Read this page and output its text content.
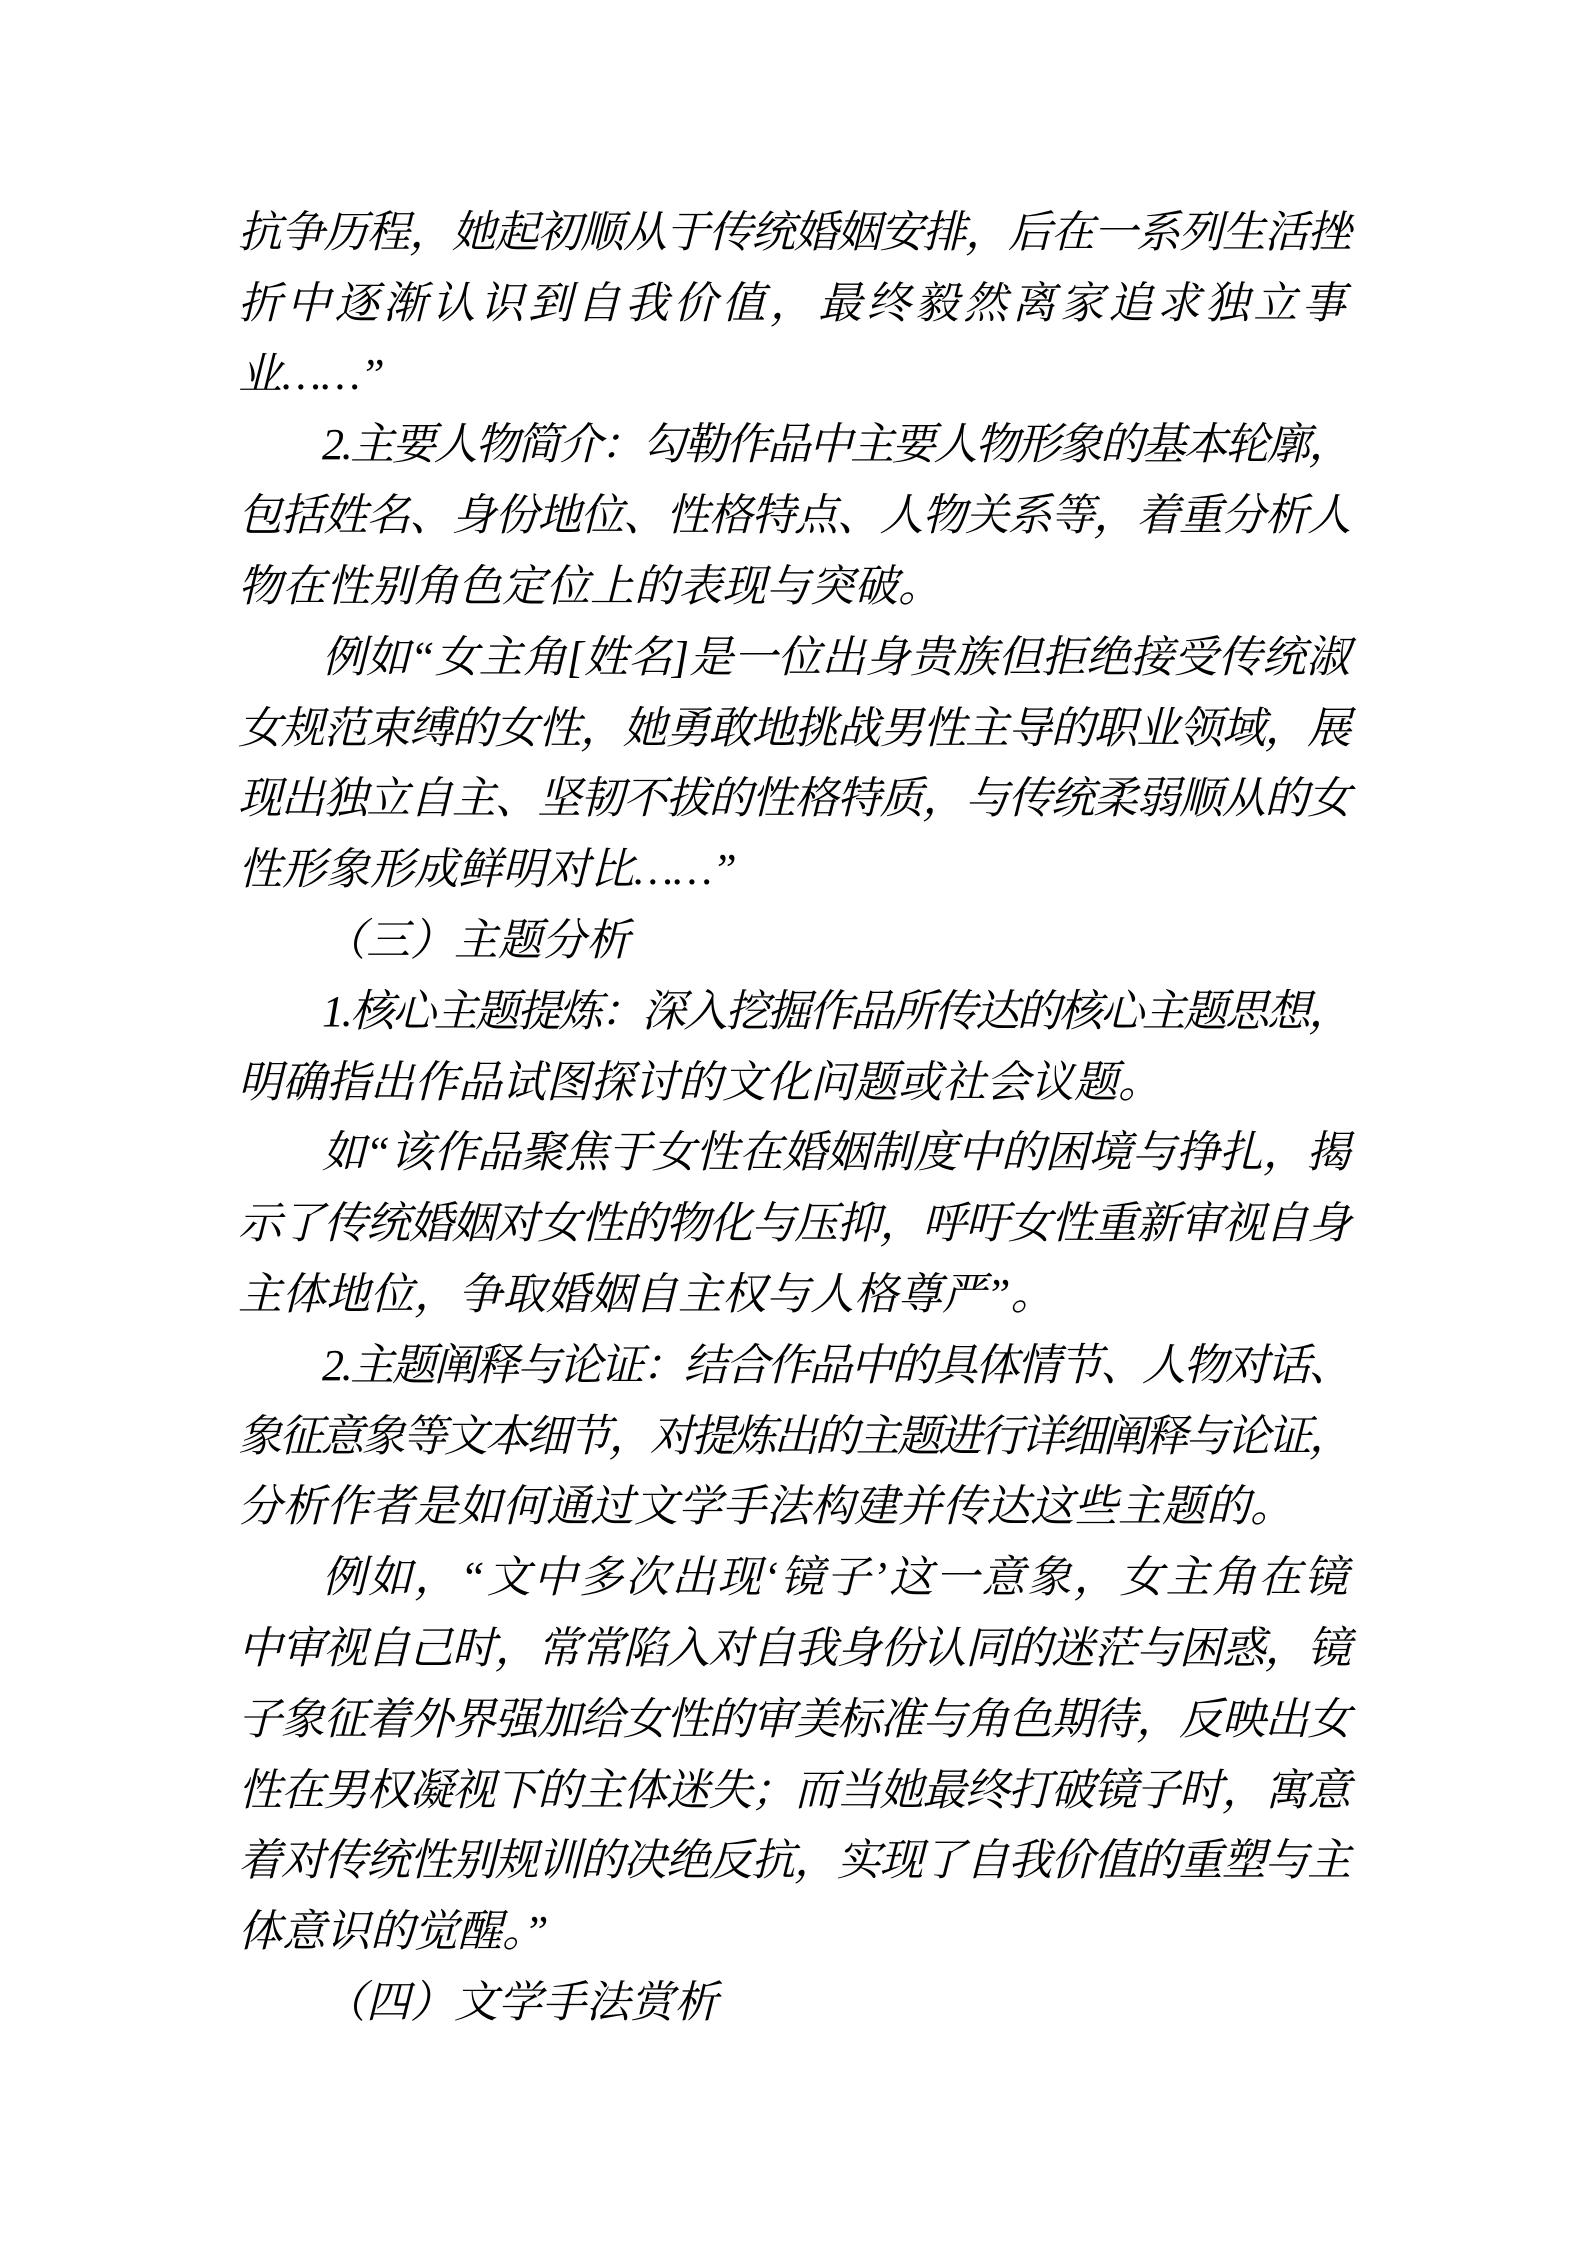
抗争历程，她起初顺从于传统婚姻安排，后在一系列生活挫
折中逐渐认识到自我价值，最终毅然离家追求独立事
业……”
2.主要人物简介：勾勒作品中主要人物形象的基本轮廓，
包括姓名、身份地位、性格特点、人物关系等，着重分析人
物在性别角色定位上的表现与突破。
例如“女主角[姓名]是一位出身贵族但拒绝接受传统淑
女规范束缚的女性，她勇敢地挑战男性主导的职业领域，展
现出独立自主、坚韧不拔的性格特质，与传统柔弱顺从的女
性形象形成鲜明对比……”
（三）主题分析
1.核心主题提炼：深入挖掘作品所传达的核心主题思想，
明确指出作品试图探讨的文化问题或社会议题。
如“该作品聚焦于女性在婚姻制度中的困境与挣扎，揭
示了传统婚姻对女性的物化与压抑，呼吁女性重新审视自身
主体地位，争取婚姻自主权与人格尊严”。
2.主题阐释与论证：结合作品中的具体情节、人物对话、
象征意象等文本细节，对提炼出的主题进行详细阐释与论证，
分析作者是如何通过文学手法构建并传达这些主题的。
例如，“文中多次出现‘镜子’这一意象，女主角在镜
中审视自己时，常常陷入对自我身份认同的迷茫与困惑，镜
子象征着外界强加给女性的审美标准与角色期待，反映出女
性在男权凝视下的主体迷失；而当她最终打破镜子时，寓意
着对传统性别规训的决绝反抗，实现了自我价值的重塑与主
体意识的觉醒。”
（四）文学手法赏析
